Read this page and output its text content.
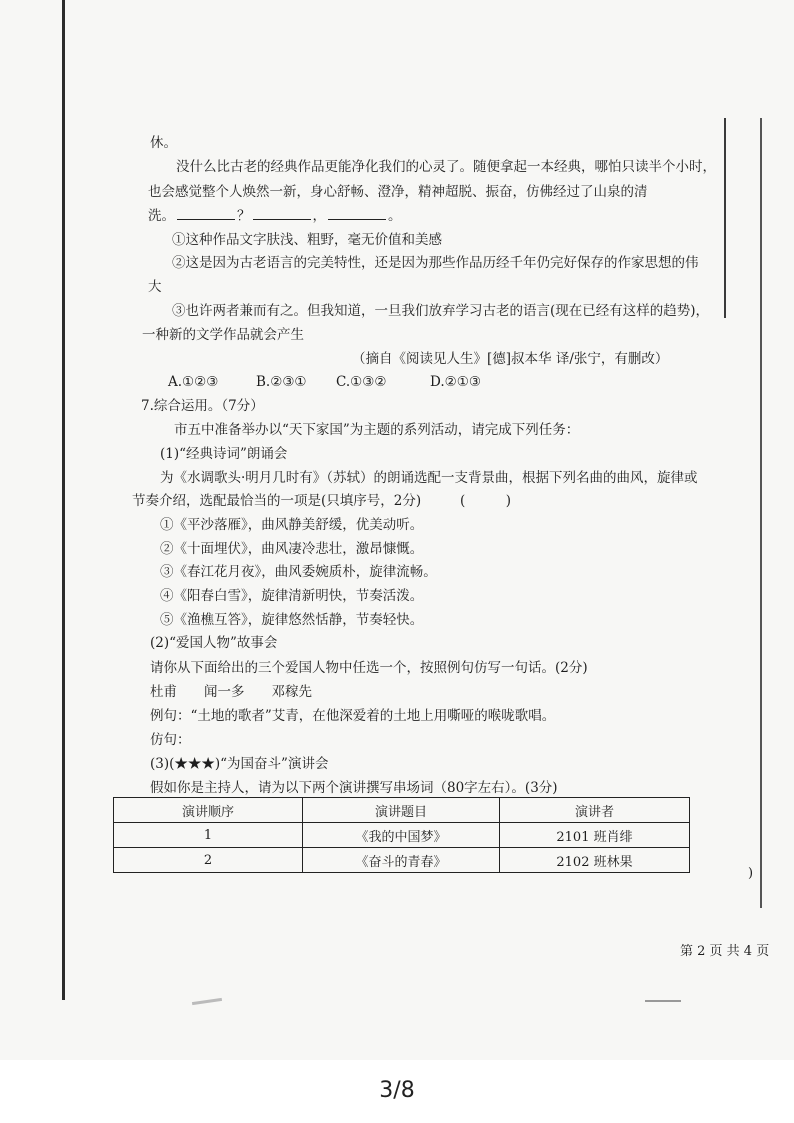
休。
没什么比古老的经典作品更能净化我们的心灵了。随便拿起一本经典，哪怕只读半个小时，
也会感觉整个人焕然一新，身心舒畅、澄净，精神超脱、振奋，仿佛经过了山泉的清
洗。	？	，	。
①这种作品文字肤浅、粗野，毫无价值和美感
②这是因为古老语言的完美特性，还是因为那些作品历经千年仍完好保存的作家思想的伟
大
③也许两者兼而有之。但我知道，一旦我们放弃学习古老的语言(现在已经有这样的趋势)，
一种新的文学作品就会产生
（摘自《阅读见人生》[德]叔本华 译/张宁，有删改）
A.①②③	B.②③① C.①③②	D.②①③
7.综合运用。（7分）
市五中准备举办以“天下家国”为主题的系列活动，请完成下列任务：
(1)“经典诗词”朗诵会
为《水调歌头·明月几时有》（苏轼）的朗诵选配一支背景曲，根据下列名曲的曲风，旋律或
节奏介绍，选配最恰当的一项是(只填序号，2分)	(　　　)
①《平沙落雁》，曲风静美舒缓，优美动听。
②《十面埋伏》，曲风凄冷悲壮，激昂慷慨。
③《春江花月夜》，曲风委婉质朴，旋律流畅。
④《阳春白雪》，旋律清新明快，节奏活泼。
⑤《渔樵互答》，旋律悠然恬静，节奏轻快。
(2)“爱国人物”故事会
请你从下面给出的三个爱国人物中任选一个，按照例句仿写一句话。(2分)
杜甫　　闻一多　　邓稼先
例句：“土地的歌者”艾青，在他深爱着的土地上用嘶哑的喉咙歌唱。
仿句：
(3)(★★★)“为国奋斗”演讲会
假如你是主持人，请为以下两个演讲撰写串场词（80字左右）。(3分)
演讲顺序	演讲题目	演讲者
1	《我的中国梦》	2101 班肖绯
2	《奋斗的青春》	2102 班林果
)
第 2 页 共 4 页
3/8
